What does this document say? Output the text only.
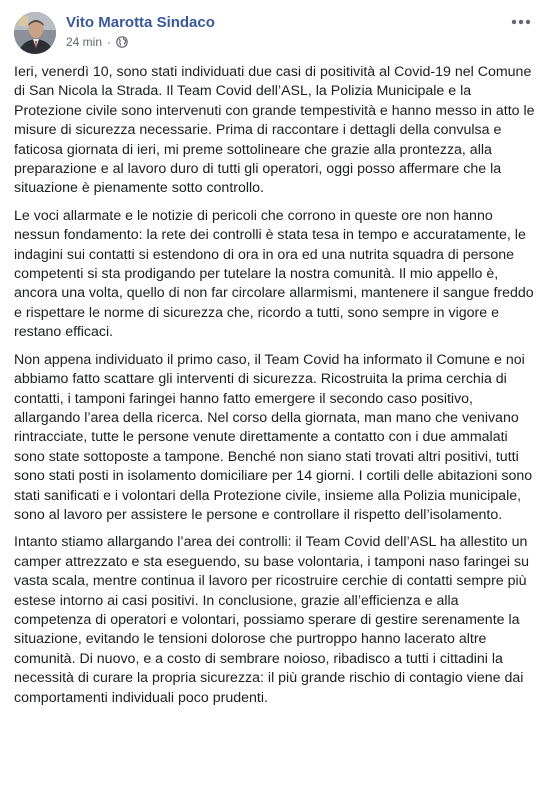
Vito Marotta Sindaco
24 min ·

Ieri, venerdì 10, sono stati individuati due casi di positività al Covid-19 nel Comune di San Nicola la Strada. Il Team Covid dell’ASL, la Polizia Municipale e la Protezione civile sono intervenuti con grande tempestività e hanno messo in atto le misure di sicurezza necessarie. Prima di raccontare i dettagli della convulsa e faticosa giornata di ieri, mi preme sottolineare che grazie alla prontezza, alla preparazione e al lavoro duro di tutti gli operatori, oggi posso affermare che la situazione è pienamente sotto controllo.

Le voci allarmate e le notizie di pericoli che corrono in queste ore non hanno nessun fondamento: la rete dei controlli è stata tesa in tempo e accuratamente, le indagini sui contatti si estendono di ora in ora ed una nutrita squadra di persone competenti si sta prodigando per tutelare la nostra comunità. Il mio appello è, ancora una volta, quello di non far circolare allarmismi, mantenere il sangue freddo e rispettare le norme di sicurezza che, ricordo a tutti, sono sempre in vigore e restano efficaci.

Non appena individuato il primo caso, il Team Covid ha informato il Comune e noi abbiamo fatto scattare gli interventi di sicurezza. Ricostruita la prima cerchia di contatti, i tamponi faringei hanno fatto emergere il secondo caso positivo, allargando l’area della ricerca. Nel corso della giornata, man mano che venivano rintracciate, tutte le persone venute direttamente a contatto con i due ammalati sono state sottoposte a tampone. Benché non siano stati trovati altri positivi, tutti sono stati posti in isolamento domiciliare per 14 giorni. I cortili delle abitazioni sono stati sanificati e i volontari della Protezione civile, insieme alla Polizia municipale, sono al lavoro per assistere le persone e controllare il rispetto dell’isolamento.

Intanto stiamo allargando l’area dei controlli: il Team Covid dell’ASL ha allestito un camper attrezzato e sta eseguendo, su base volontaria, i tamponi naso faringei su vasta scala, mentre continua il lavoro per ricostruire cerchie di contatti sempre più estese intorno ai casi positivi. In conclusione, grazie all’efficienza e alla competenza di operatori e volontari, possiamo sperare di gestire serenamente la situazione, evitando le tensioni dolorose che purtroppo hanno lacerato altre comunità. Di nuovo, e a costo di sembrare noioso, ribadisco a tutti i cittadini la necessità di curare la propria sicurezza: il più grande rischio di contagio viene dai comportamenti individuali poco prudenti.
